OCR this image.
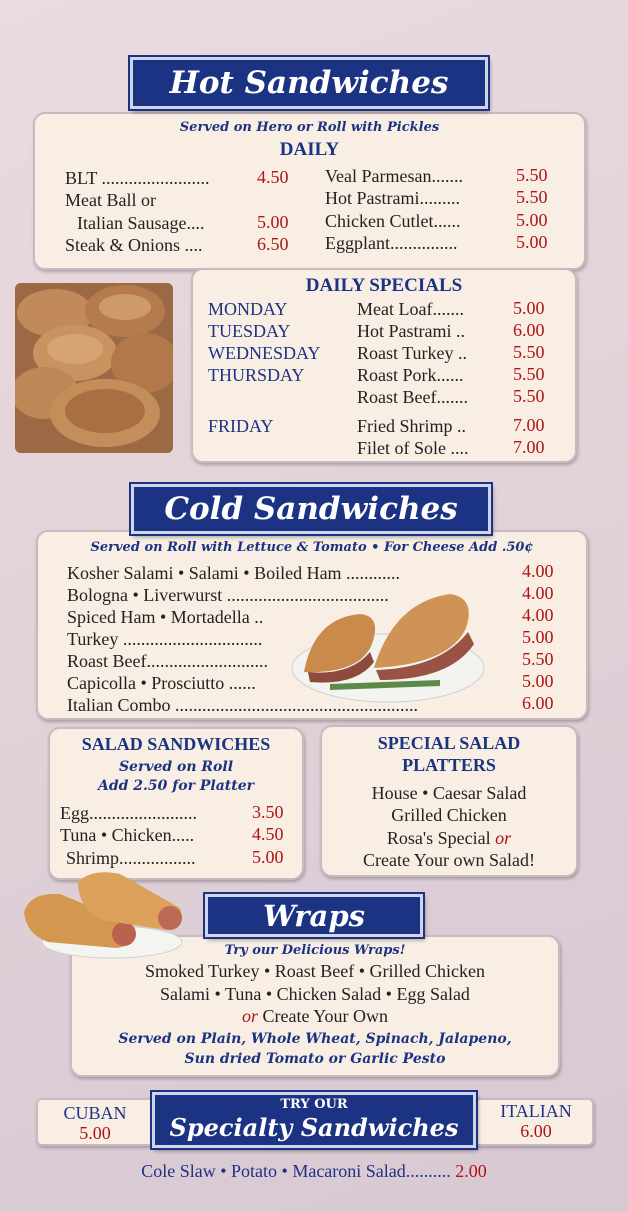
Hot Sandwiches
Served on Hero or Roll with Pickles
DAILY
BLT ........................	4.50
Meat Ball or
Italian Sausage....	5.00
Steak & Onions ....	6.50
Veal Parmesan.......	5.50
Hot Pastrami.........	5.50
Chicken Cutlet......	5.00
Eggplant...............	5.00
DAILY SPECIALS
MONDAY	Meat Loaf.......	5.00
TUESDAY	Hot Pastrami ..	6.00
WEDNESDAY Roast Turkey ..	5.50
THURSDAY	Roast Pork......	5.50
Roast Beef.......	5.50
FRIDAY	Fried Shrimp ..	7.00
Filet of Sole .... 7.00
Cold Sandwiches
Served on Roll with Lettuce & Tomato • For Cheese Add .50¢
Kosher Salami • Salami • Boiled Ham ............	4.00
Bologna • Liverwurst ....................................	4.00
Spiced Ham • Mortadella ..	4.00
Turkey ...............................	5.00
Roast Beef...........................	5.50
Capicolla • Prosciutto ......	5.00
Italian Combo ......................................................	6.00
SALAD SANDWICHES
Served on Roll
Add 2.50 for Platter
Egg........................	3.50
Tuna • Chicken.....	4.50
Shrimp.................	5.00
SPECIAL SALAD
PLATTERS
House • Caesar Salad
Grilled Chicken
Rosa's Special or
Create Your own Salad!
Wraps
Try our Delicious Wraps!
Smoked Turkey • Roast Beef • Grilled Chicken
Salami • Tuna • Chicken Salad • Egg Salad
or Create Your Own
Served on Plain, Whole Wheat, Spinach, Jalapeno,
Sun dried Tomato or Garlic Pesto
CUBAN
5.00
ITALIAN
6.00
TRY OUR
Specialty Sandwiches
Cole Slaw • Potato • Macaroni Salad.......... 2.00
